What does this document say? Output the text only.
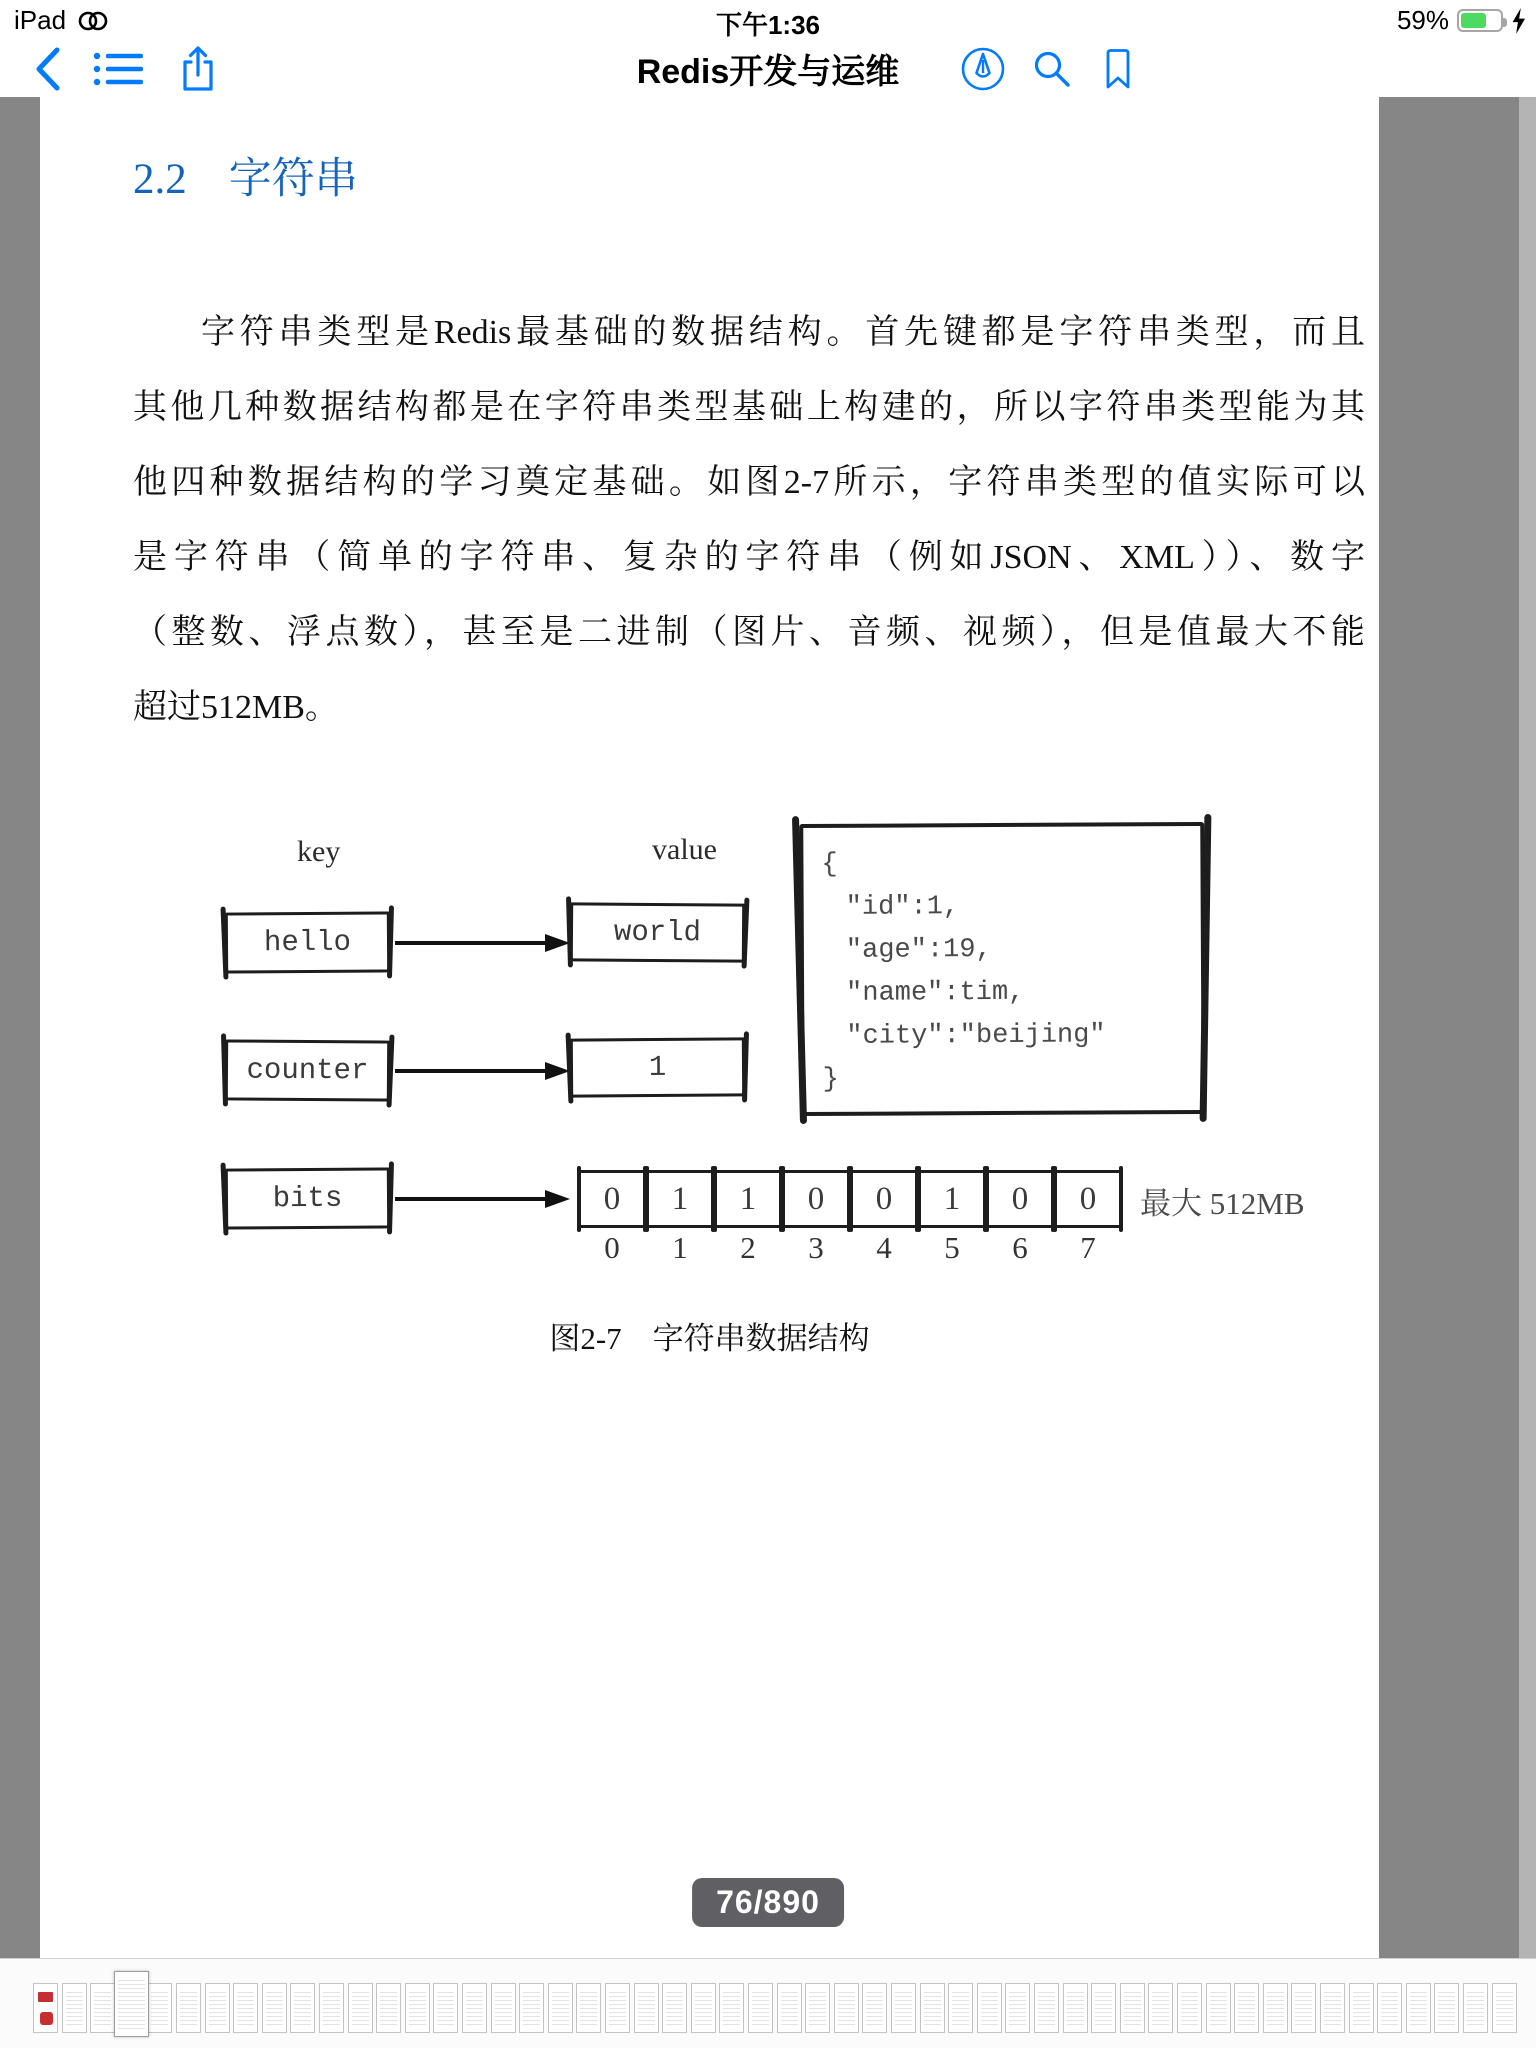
iPad	下午1:36	59%
Redis开发与运维
2.2 字符串
字符串类型是Redis最基础的数据结构。首先键都是字符串类型，而且
其他几种数据结构都是在字符串类型基础上构建的，所以字符串类型能为其
他四种数据结构的学习奠定基础。如图2-7所示，字符串类型的值实际可以
是字符串（简单的字符串、复杂的字符串（例如JSON、XML））、数字
（整数、浮点数），甚至是二进制（图片、音频、视频），但是值最大不能
超过512MB。
key	value
hello	world
counter	1
{
"id":1,
"age":19,
"name":tim,
"city":"beijing"
}
bits	0	1	1	0	0	1	0	0
0	1	2	3	4	5	6	7
最大 512MB
图2-7　字符串数据结构
76/890
